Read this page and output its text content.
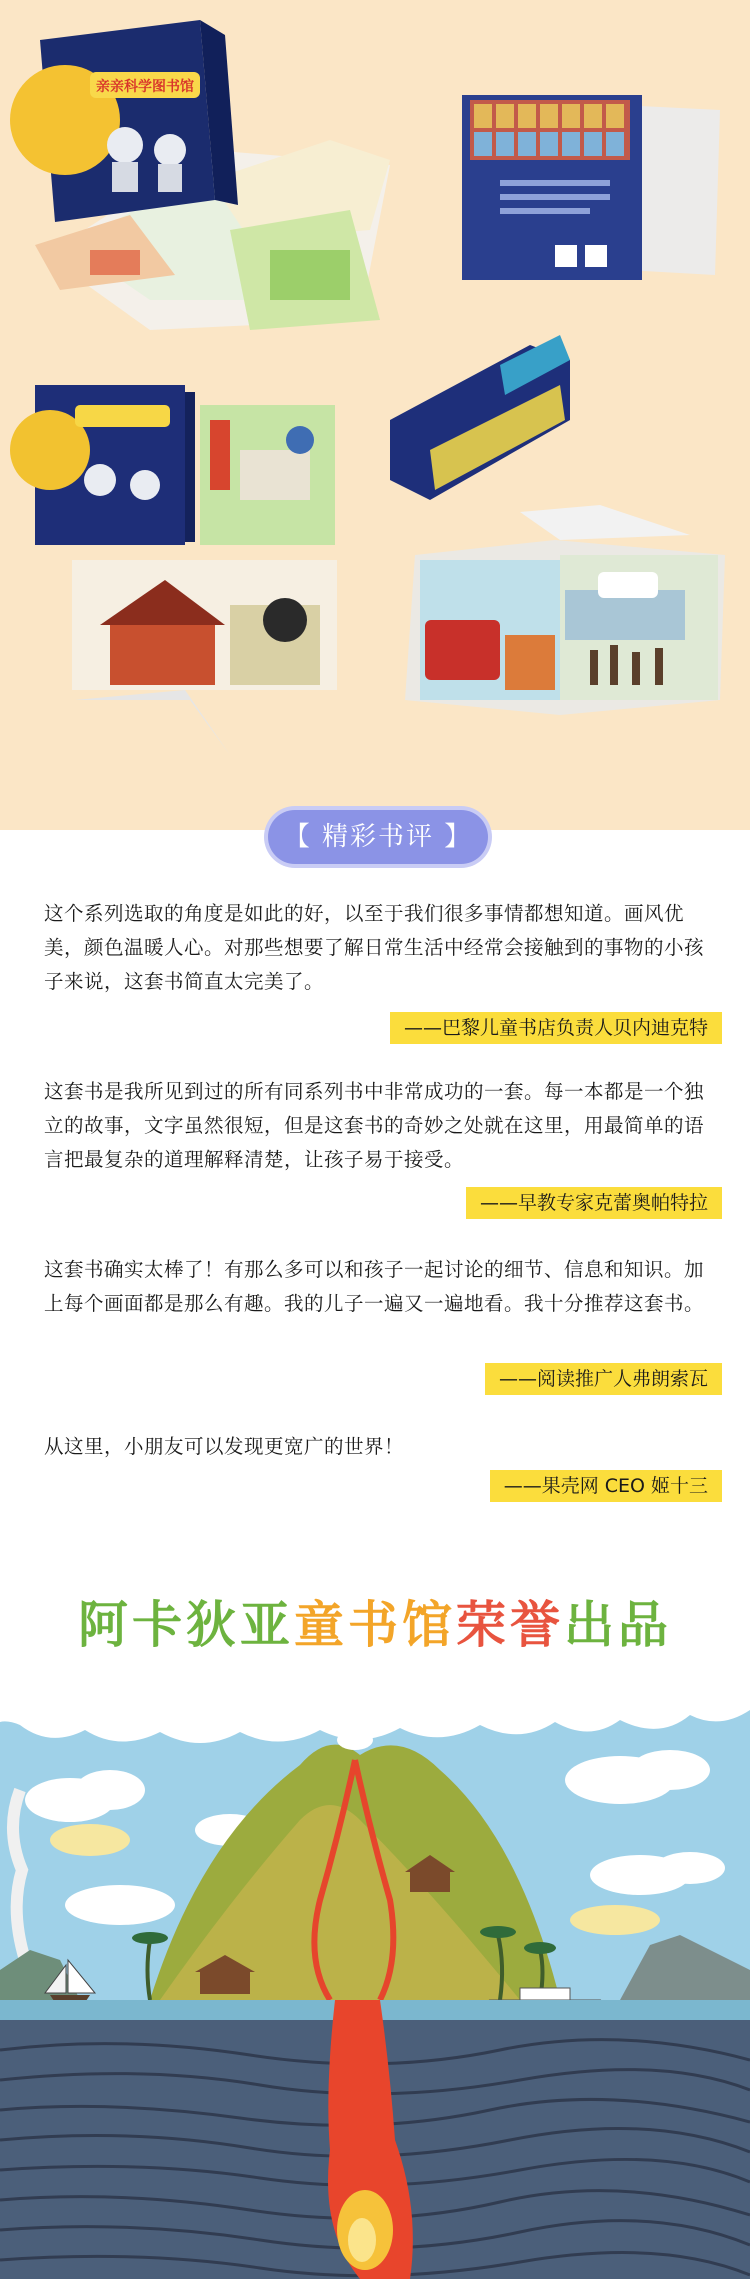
亲亲科学图书馆
【 精彩书评 】

这个系列选取的角度是如此的好，以至于我们很多事情都想知道。画风优美，颜色温暖人心。对那些想要了解日常生活中经常会接触到的事物的小孩子来说，这套书简直太完美了。

——巴黎儿童书店负责人贝内迪克特

这套书是我所见到过的所有同系列书中非常成功的一套。每一本都是一个独立的故事，文字虽然很短，但是这套书的奇妙之处就在这里，用最简单的语言把最复杂的道理解释清楚，让孩子易于接受。

——早教专家克蕾奥帕特拉

这套书确实太棒了！有那么多可以和孩子一起讨论的细节、信息和知识。加上每个画面都是那么有趣。我的儿子一遍又一遍地看。我十分推荐这套书。

——阅读推广人弗朗索瓦

从这里，小朋友可以发现更宽广的世界！

——果壳网 CEO 姬十三
阿卡狄亚童书馆荣誉出品
